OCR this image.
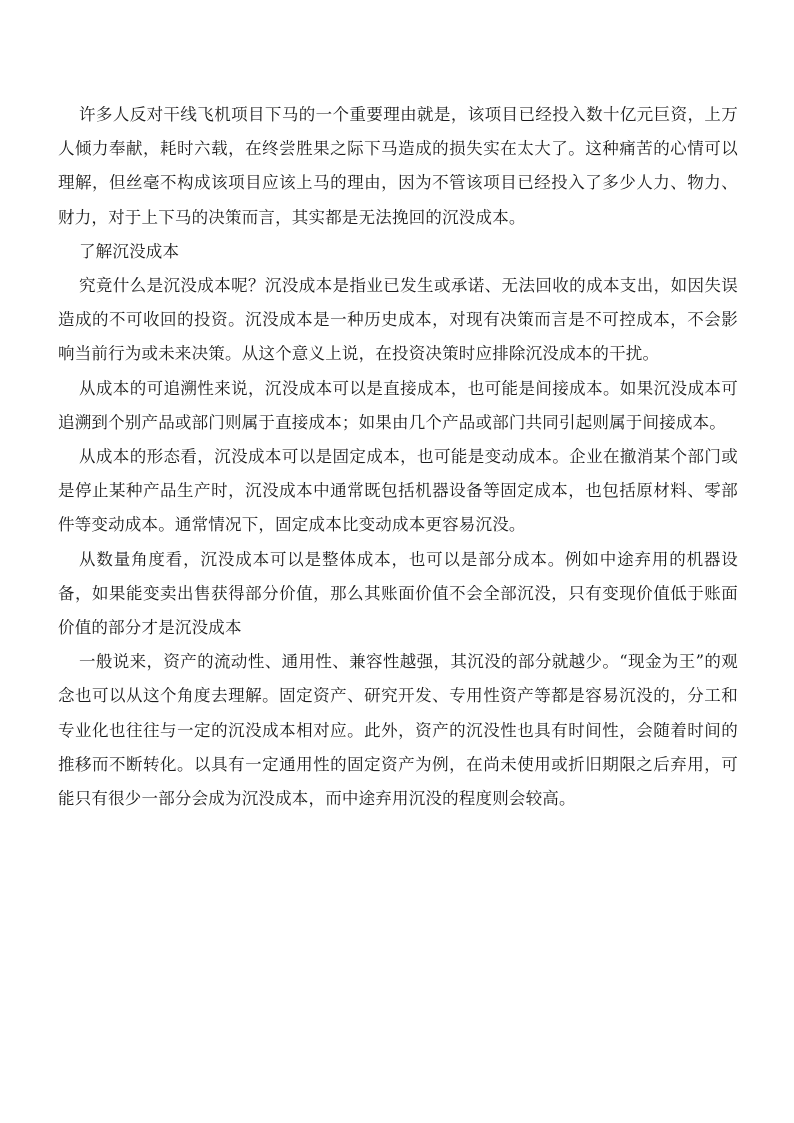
许多人反对干线飞机项目下马的一个重要理由就是，该项目已经投入数十亿元巨资，上万人倾力奉献，耗时六载，在终尝胜果之际下马造成的损失实在太大了。这种痛苦的心情可以理解，但丝毫不构成该项目应该上马的理由，因为不管该项目已经投入了多少人力、物力、财力，对于上下马的决策而言，其实都是无法挽回的沉没成本。

了解沉没成本

究竟什么是沉没成本呢？沉没成本是指业已发生或承诺、无法回收的成本支出，如因失误造成的不可收回的投资。沉没成本是一种历史成本，对现有决策而言是不可控成本，不会影响当前行为或未来决策。从这个意义上说，在投资决策时应排除沉没成本的干扰。

从成本的可追溯性来说，沉没成本可以是直接成本，也可能是间接成本。如果沉没成本可追溯到个别产品或部门则属于直接成本；如果由几个产品或部门共同引起则属于间接成本。

从成本的形态看，沉没成本可以是固定成本，也可能是变动成本。企业在撤消某个部门或是停止某种产品生产时，沉没成本中通常既包括机器设备等固定成本，也包括原材料、零部件等变动成本。通常情况下，固定成本比变动成本更容易沉没。

从数量角度看，沉没成本可以是整体成本，也可以是部分成本。例如中途弃用的机器设备，如果能变卖出售获得部分价值，那么其账面价值不会全部沉没，只有变现价值低于账面价值的部分才是沉没成本

一般说来，资产的流动性、通用性、兼容性越强，其沉没的部分就越少。“现金为王”的观念也可以从这个角度去理解。固定资产、研究开发、专用性资产等都是容易沉没的，分工和专业化也往往与一定的沉没成本相对应。此外，资产的沉没性也具有时间性，会随着时间的推移而不断转化。以具有一定通用性的固定资产为例，在尚未使用或折旧期限之后弃用，可能只有很少一部分会成为沉没成本，而中途弃用沉没的程度则会较高。
